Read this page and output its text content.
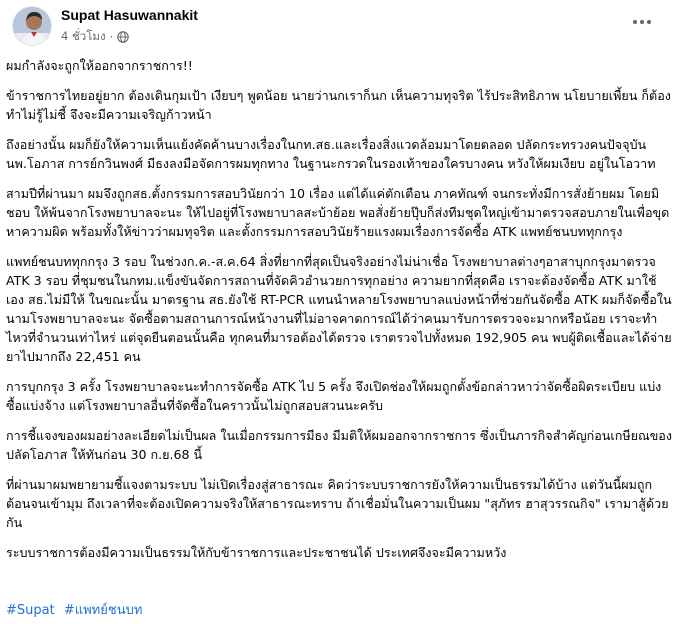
Supat Hasuwannakit
4 ชั่วโมง ·

ผมกำลังจะถูกให้ออกจากราชการ!!

ข้าราชการไทยอยู่ยาก ต้องเดินกุมเป้า เงียบๆ พูดน้อย นายว่านกเราก็นก เห็นความทุจริต ไร้ประสิทธิภาพ นโยบายเพี้ยน ก็ต้องทำไม่รู้ไม่ชี้ จึงจะมีความเจริญก้าวหน้า

ถึงอย่างนั้น ผมก็ยังให้ความเห็นแย้งคัดค้านบางเรื่องในกท.สธ.และเรื่องสิ่งแวดล้อมมาโดยตลอด ปลัดกระทรวงคนปัจจุบัน นพ.โอภาส การย์กวินพงศ์ มีธงลงมือจัดการผมทุกทาง ในฐานะกรวดในรองเท้าของใครบางคน หวังให้ผมเงียบ อยู่ในโอวาท

สามปีที่ผ่านมา ผมจึงถูกสธ.ตั้งกรรมการสอบวินัยกว่า 10 เรื่อง แต่ได้แค่ตักเตือน ภาคทัณฑ์ จนกระทั่งมีการสั่งย้ายผม โดยมิชอบ ให้พ้นจากโรงพยาบาลจะนะ ให้ไปอยู่ที่โรงพยาบาลสะบ้าย้อย พอสั่งย้ายปุ๊บก็ส่งทีมชุดใหญ่เข้ามาตรวจสอบภายในเพื่อขุดหาความผิด พร้อมทั้งให้ข่าวว่าผมทุจริต และตั้งกรรมการสอบวินัยร้ายแรงผมเรื่องการจัดซื้อ ATK แพทย์ชนบททุกกรุง

แพทย์ชนบททุกกรุง 3 รอบ ในช่วงก.ค.-ส.ค.64 สิ่งที่ยากที่สุดเป็นจริงอย่างไม่น่าเชื่อ โรงพยาบาลต่างๆอาสาบุกกรุงมาตรวจ ATK 3 รอบ ที่ชุมชนในกทม.แข็งขันจัดการสถานที่จัดคิวอำนวยการทุกอย่าง ความยากที่สุดคือ เราจะต้องจัดซื้อ ATK มาใช้เอง สธ.ไม่มีให้ ในขณะนั้น มาตรฐาน สธ.ยังใช้ RT-PCR แทนนำหลายโรงพยาบาลแบ่งหน้าที่ช่วยกันจัดซื้อ ATK ผมก็จัดซื้อในนามโรงพยาบาลจะนะ จัดซื้อตามสถานการณ์หน้างานที่ไม่อาจคาดการณ์ได้ว่าคนมารับการตรวจจะมากหรือน้อย เราจะทำไหวที่จำนวนเท่าไหร่ แต่จุดยืนตอนนั้นคือ ทุกคนที่มารอต้องได้ตรวจ เราตรวจไปทั้งหมด 192,905 คน พบผู้ติดเชื้อและได้จ่ายยาไปมากถึง 22,451 คน

การบุกกรุง 3 ครั้ง โรงพยาบาลจะนะทำการจัดซื้อ ATK ไป 5 ครั้ง จึงเปิดช่องให้ผมถูกตั้งข้อกล่าวหาว่าจัดซื้อผิดระเบียบ แบ่งซื้อแบ่งจ้าง แต่โรงพยาบาลอื่นที่จัดซื้อในคราวนั้นไม่ถูกสอบสวนนะครับ

การชี้แจงของผมอย่างละเอียดไม่เป็นผล ในเมื่อกรรมการมีธง มีมติให้ผมออกจากราชการ ซึ่งเป็นภารกิจสำคัญก่อนเกษียณของปลัดโอภาส ให้ทันก่อน 30 ก.ย.68 นี้

ที่ผ่านมาผมพยายามชี้แจงตามระบบ ไม่เปิดเรื่องสู่สาธารณะ คิดว่าระบบราชการยังให้ความเป็นธรรมได้บ้าง แต่วันนี้ผมถูกต้อนจนเข้ามุม ถึงเวลาที่จะต้องเปิดความจริงให้สาธารณะทราบ ถ้าเชื่อมั่นในความเป็นผม "สุภัทร ฮาสุวรรณกิจ" เรามาสู้ด้วยกัน

ระบบราชการต้องมีความเป็นธรรมให้กับข้าราชการและประชาชนได้ ประเทศจึงจะมีความหวัง

#Supat #แพทย์ชนบท
